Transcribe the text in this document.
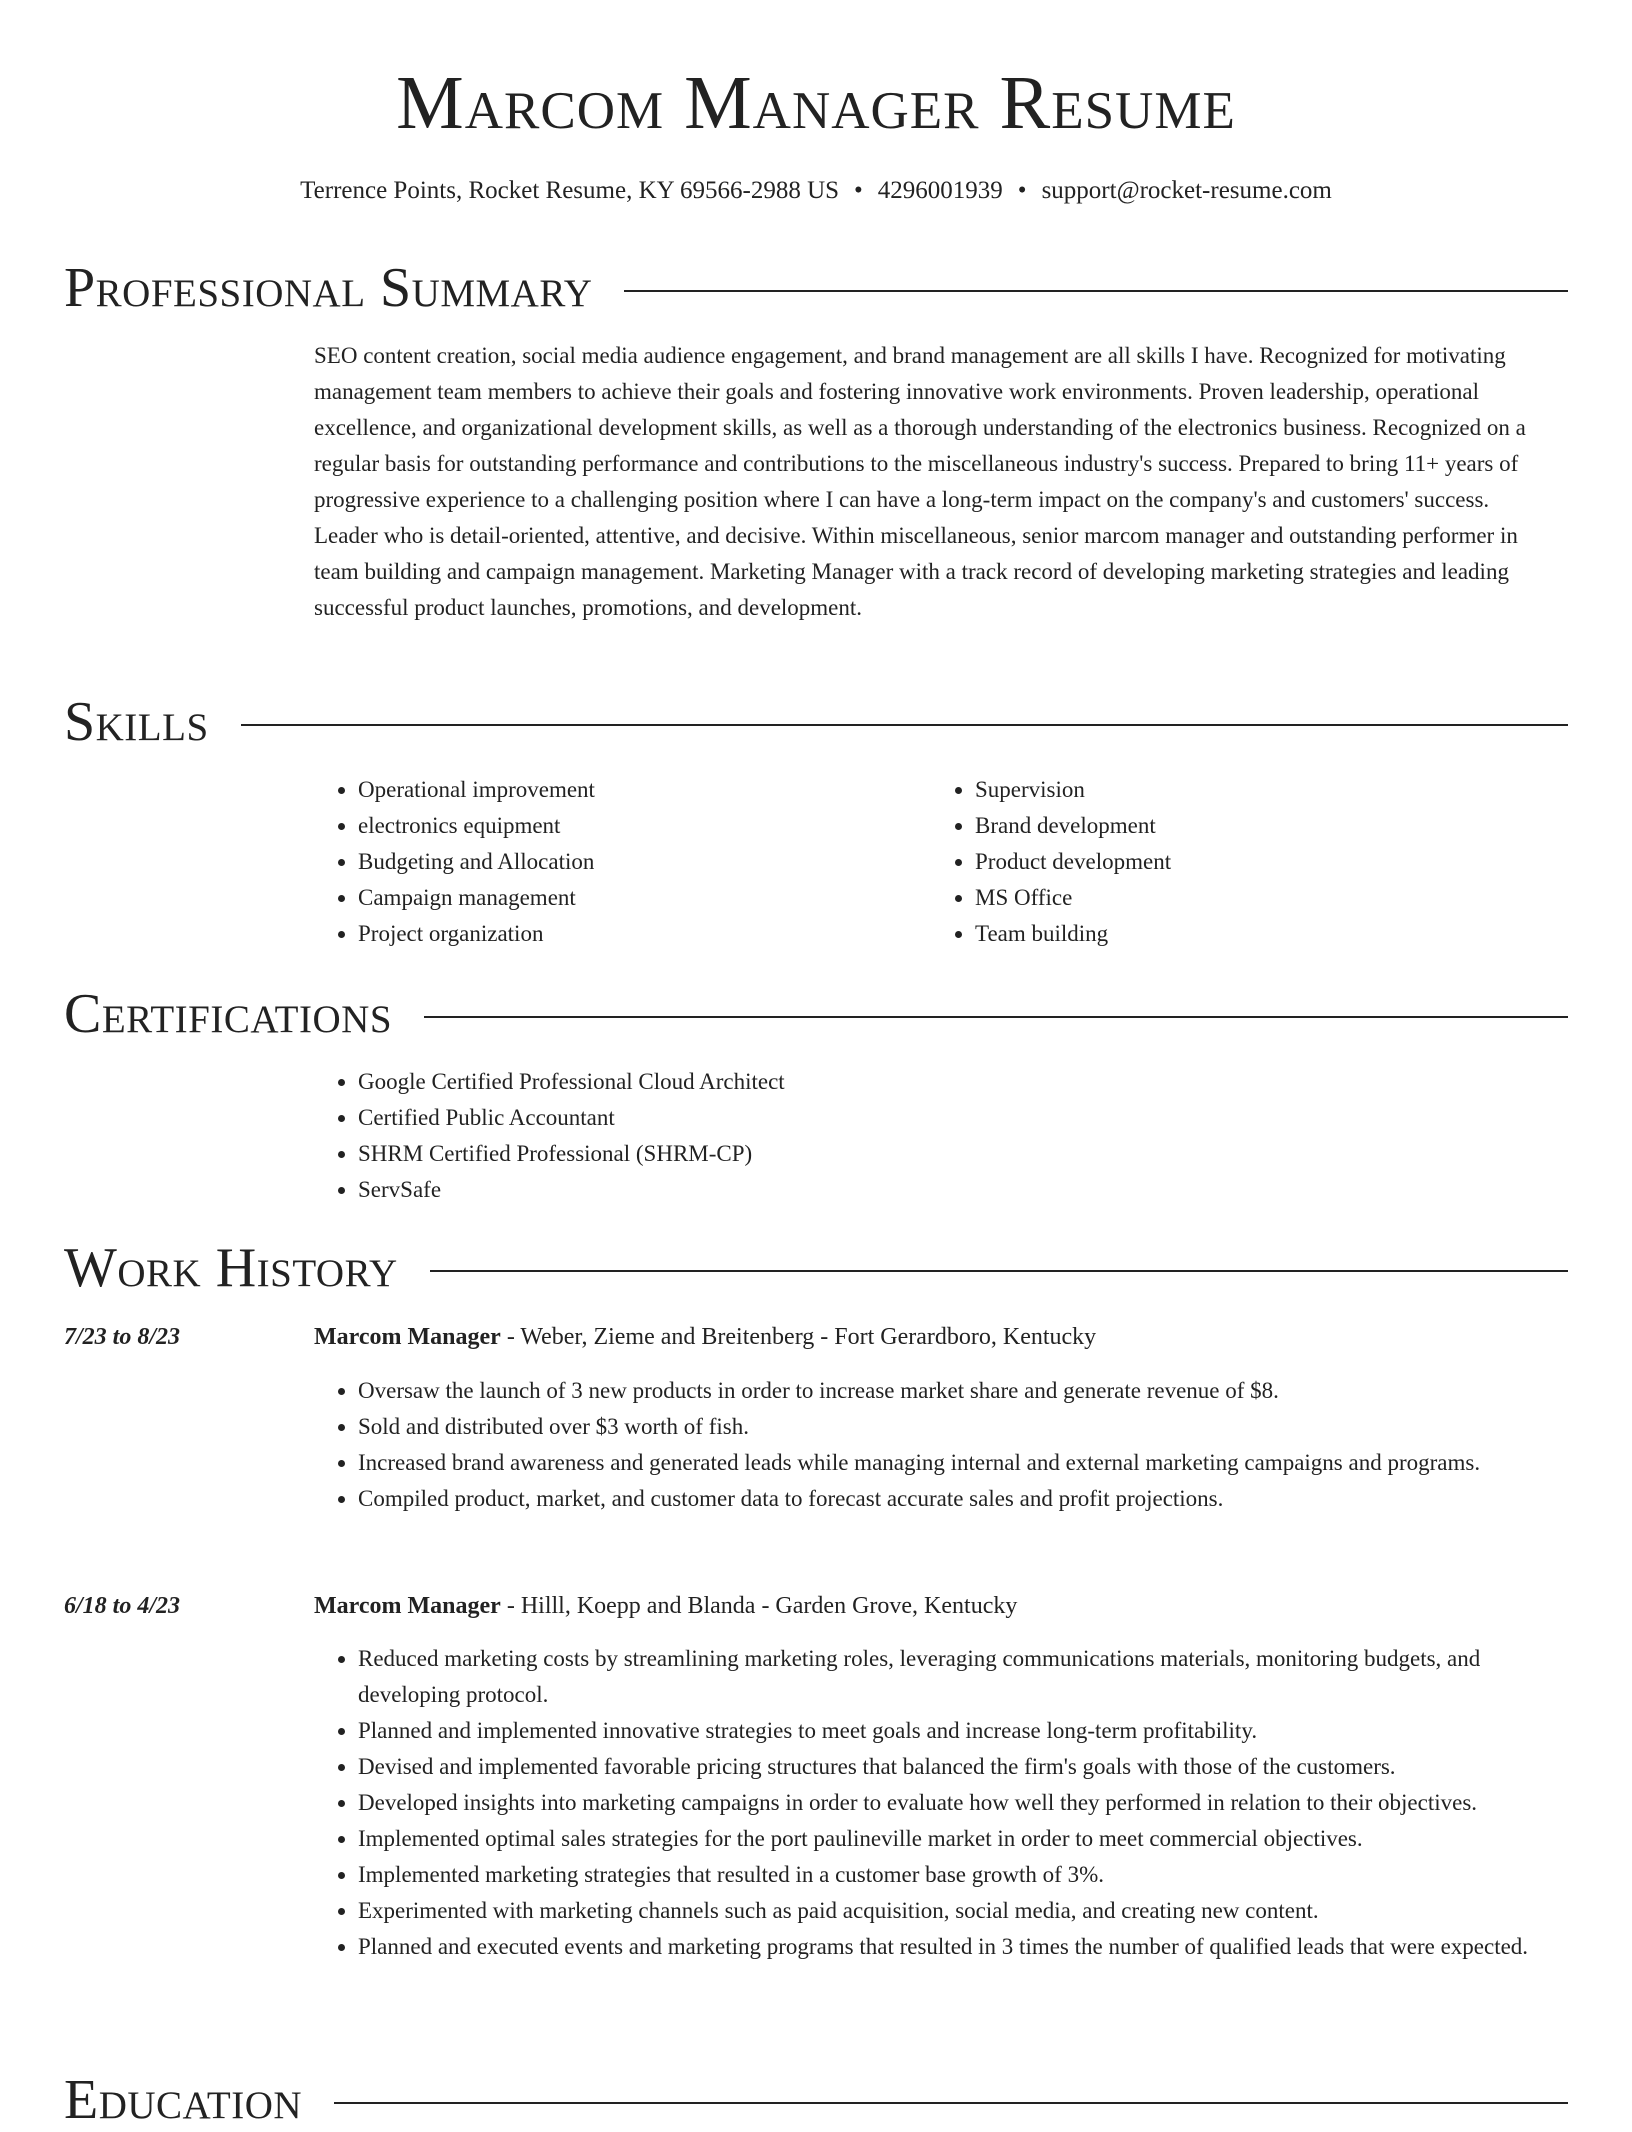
Marcom Manager Resume
Terrence Points, Rocket Resume, KY 69566-2988 US • 4296001939 • support@rocket-resume.com
Professional Summary
SEO content creation, social media audience engagement, and brand management are all skills I have. Recognized for motivating management team members to achieve their goals and fostering innovative work environments. Proven leadership, operational excellence, and organizational development skills, as well as a thorough understanding of the electronics business. Recognized on a regular basis for outstanding performance and contributions to the miscellaneous industry's success. Prepared to bring 11+ years of progressive experience to a challenging position where I can have a long-term impact on the company's and customers' success. Leader who is detail-oriented, attentive, and decisive. Within miscellaneous, senior marcom manager and outstanding performer in team building and campaign management. Marketing Manager with a track record of developing marketing strategies and leading successful product launches, promotions, and development.
Skills
• Operational improvement
• electronics equipment
• Budgeting and Allocation
• Campaign management
• Project organization
• Supervision
• Brand development
• Product development
• MS Office
• Team building
Certifications
• Google Certified Professional Cloud Architect
• Certified Public Accountant
• SHRM Certified Professional (SHRM-CP)
• ServSafe
Work History
7/23 to 8/23	Marcom Manager - Weber, Zieme and Breitenberg - Fort Gerardboro, Kentucky
• Oversaw the launch of 3 new products in order to increase market share and generate revenue of $8.
• Sold and distributed over $3 worth of fish.
• Increased brand awareness and generated leads while managing internal and external marketing campaigns and programs.
• Compiled product, market, and customer data to forecast accurate sales and profit projections.
6/18 to 4/23	Marcom Manager - Hilll, Koepp and Blanda - Garden Grove, Kentucky
• Reduced marketing costs by streamlining marketing roles, leveraging communications materials, monitoring budgets, and developing protocol.
• Planned and implemented innovative strategies to meet goals and increase long-term profitability.
• Devised and implemented favorable pricing structures that balanced the firm's goals with those of the customers.
• Developed insights into marketing campaigns in order to evaluate how well they performed in relation to their objectives.
• Implemented optimal sales strategies for the port paulineville market in order to meet commercial objectives.
• Implemented marketing strategies that resulted in a customer base growth of 3%.
• Experimented with marketing channels such as paid acquisition, social media, and creating new content.
• Planned and executed events and marketing programs that resulted in 3 times the number of qualified leads that were expected.
Education
